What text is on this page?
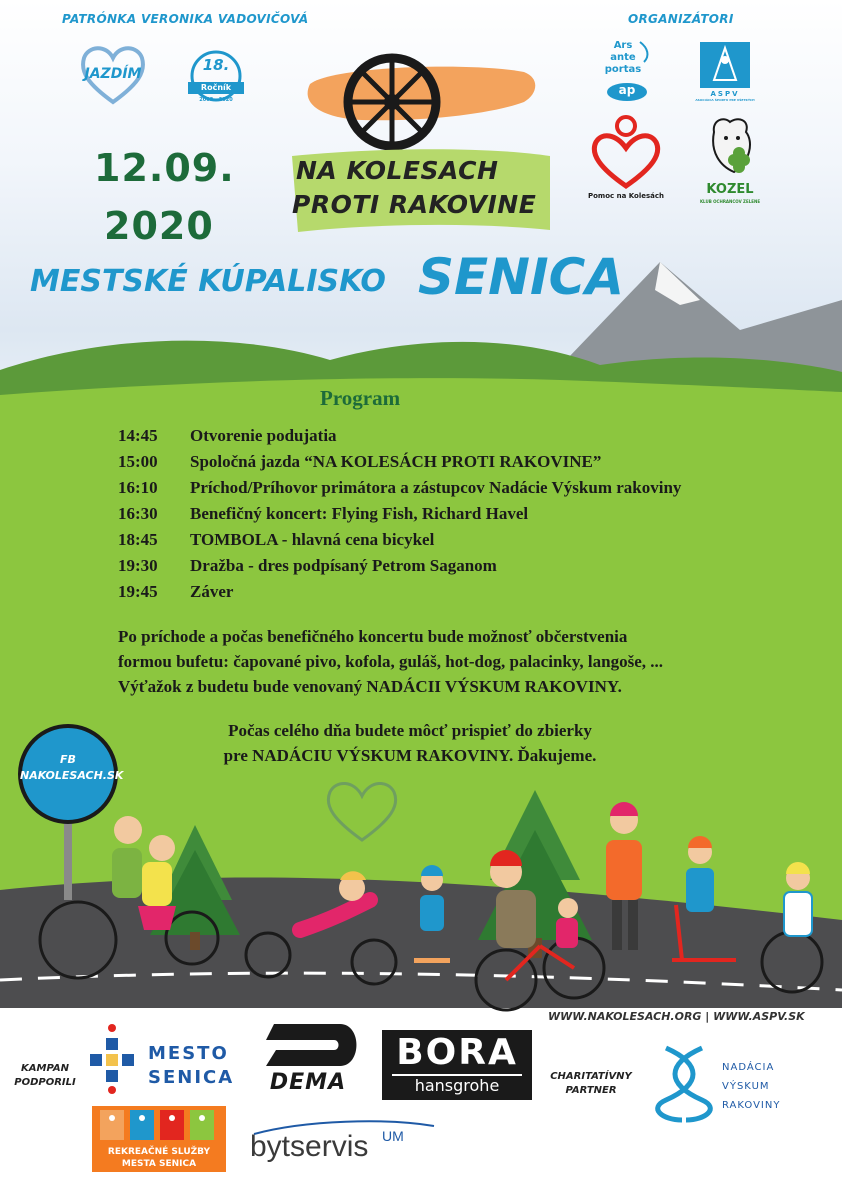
PATRÓNKA VERONIKA VADOVIČOVÁ	ORGANIZÁTORI
JAZDÍM	18.
Ročník
2003 - 2020
NA KOLESACH
PROTI RAKOVINE
12.09.
2020
MESTSKÉ KÚPALISKO SENICA
Ars
ante
portas
ap	ASPV
ASOCIÁCIA ŠPORTU PRE VŠETKÝCH
Pomoc na Kolesách	KOZEL
KLUB OCHRANCOV ZELENE
Program
14:45 Otvorenie podujatia
15:00 Spoločná jazda “NA KOLESÁCH PROTI RAKOVINE”
16:10 Príchod/Príhovor primátora a zástupcov Nadácie Výskum rakoviny
16:30 Benefičný koncert: Flying Fish, Richard Havel
18:45 TOMBOLA - hlavná cena bicykel
19:30 Dražba - dres podpísaný Petrom Saganom
19:45 Záver
Po príchode a počas benefičného koncertu bude možnosť občerstvenia
formou bufetu: čapované pivo, kofola, guláš, hot-dog, palacinky, langoše, ...
Výťažok z budetu bude venovaný NADÁCII VÝSKUM RAKOVINY.
Počas celého dňa budete môcť prispieť do zbierky
pre NADÁCIU VÝSKUM RAKOVINY. Ďakujeme.
FB
NAKOLESACH.SK
WWW.NAKOLESACH.ORG | WWW.ASPV.SK
KAMPAN
PODPORILI
MESTO
SENICA	DEMA
BORA
hansgrohe	CHARITATÍVNY
PARTNER
NADÁCIA
VÝSKUM
RAKOVINY
REKREAČNÉ SLUŽBY
MESTA SENICA
bytservis UM
